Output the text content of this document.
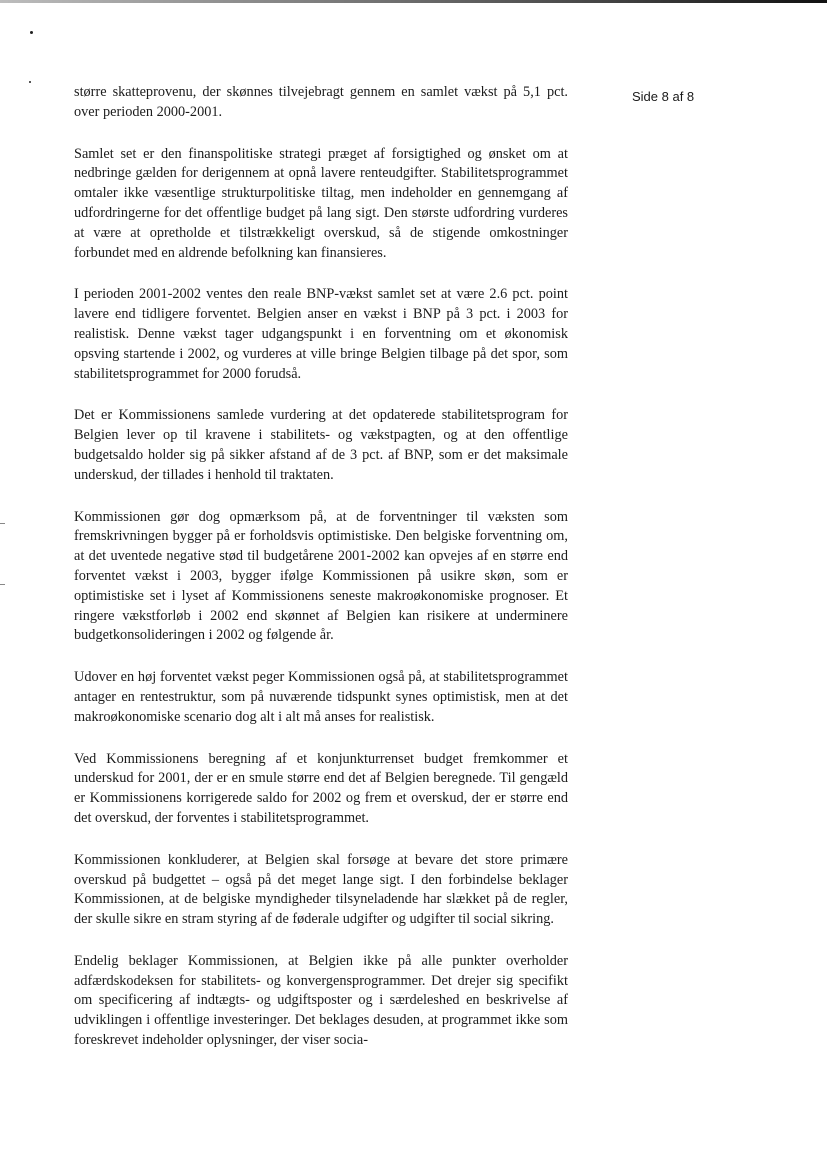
Side 8 af 8

større skatteprovenu, der skønnes tilvejebragt gennem en samlet vækst på 5,1 pct. over perioden 2000-2001.

Samlet set er den finanspolitiske strategi præget af forsigtighed og ønsket om at nedbringe gælden for derigennem at opnå lavere renteudgifter. Stabilitetsprogrammet omtaler ikke væsentlige strukturpolitiske tiltag, men indeholder en gennemgang af udfordringerne for det offentlige budget på lang sigt. Den største udfordring vurderes at være at opretholde et tilstrækkeligt overskud, så de stigende omkostninger forbundet med en aldrende befolkning kan finansieres.

I perioden 2001-2002 ventes den reale BNP-vækst samlet set at være 2.6 pct. point lavere end tidligere forventet. Belgien anser en vækst i BNP på 3 pct. i 2003 for realistisk. Denne vækst tager udgangspunkt i en forventning om et økonomisk opsving startende i 2002, og vurderes at ville bringe Belgien tilbage på det spor, som stabilitetsprogrammet for 2000 forudså.

Det er Kommissionens samlede vurdering at det opdaterede stabilitetsprogram for Belgien lever op til kravene i stabilitets- og vækstpagten, og at den offentlige budgetsaldo holder sig på sikker afstand af de 3 pct. af BNP, som er det maksimale underskud, der tillades i henhold til traktaten.

Kommissionen gør dog opmærksom på, at de forventninger til væksten som fremskrivningen bygger på er forholdsvis optimistiske. Den belgiske forventning om, at det uventede negative stød til budgetårene 2001-2002 kan opvejes af en større end forventet vækst i 2003, bygger ifølge Kommissionen på usikre skøn, som er optimistiske set i lyset af Kommissionens seneste makroøkonomiske prognoser. Et ringere vækstforløb i 2002 end skønnet af Belgien kan risikere at underminere budgetkonsolideringen i 2002 og følgende år.

Udover en høj forventet vækst peger Kommissionen også på, at stabilitetsprogrammet antager en rentestruktur, som på nuværende tidspunkt synes optimistisk, men at det makroøkonomiske scenario dog alt i alt må anses for realistisk.

Ved Kommissionens beregning af et konjunkturrenset budget fremkommer et underskud for 2001, der er en smule større end det af Belgien beregnede. Til gengæld er Kommissionens korrigerede saldo for 2002 og frem et overskud, der er større end det overskud, der forventes i stabilitetsprogrammet.

Kommissionen konkluderer, at Belgien skal forsøge at bevare det store primære overskud på budgettet – også på det meget lange sigt. I den forbindelse beklager Kommissionen, at de belgiske myndigheder tilsyneladende har slækket på de regler, der skulle sikre en stram styring af de føderale udgifter og udgifter til social sikring.

Endelig beklager Kommissionen, at Belgien ikke på alle punkter overholder adfærdskodeksen for stabilitets- og konvergensprogrammer. Det drejer sig specifikt om specificering af indtægts- og udgiftsposter og i særdeleshed en beskrivelse af udviklingen i offentlige investeringer. Det beklages desuden, at programmet ikke som foreskrevet indeholder oplysninger, der viser socia-
